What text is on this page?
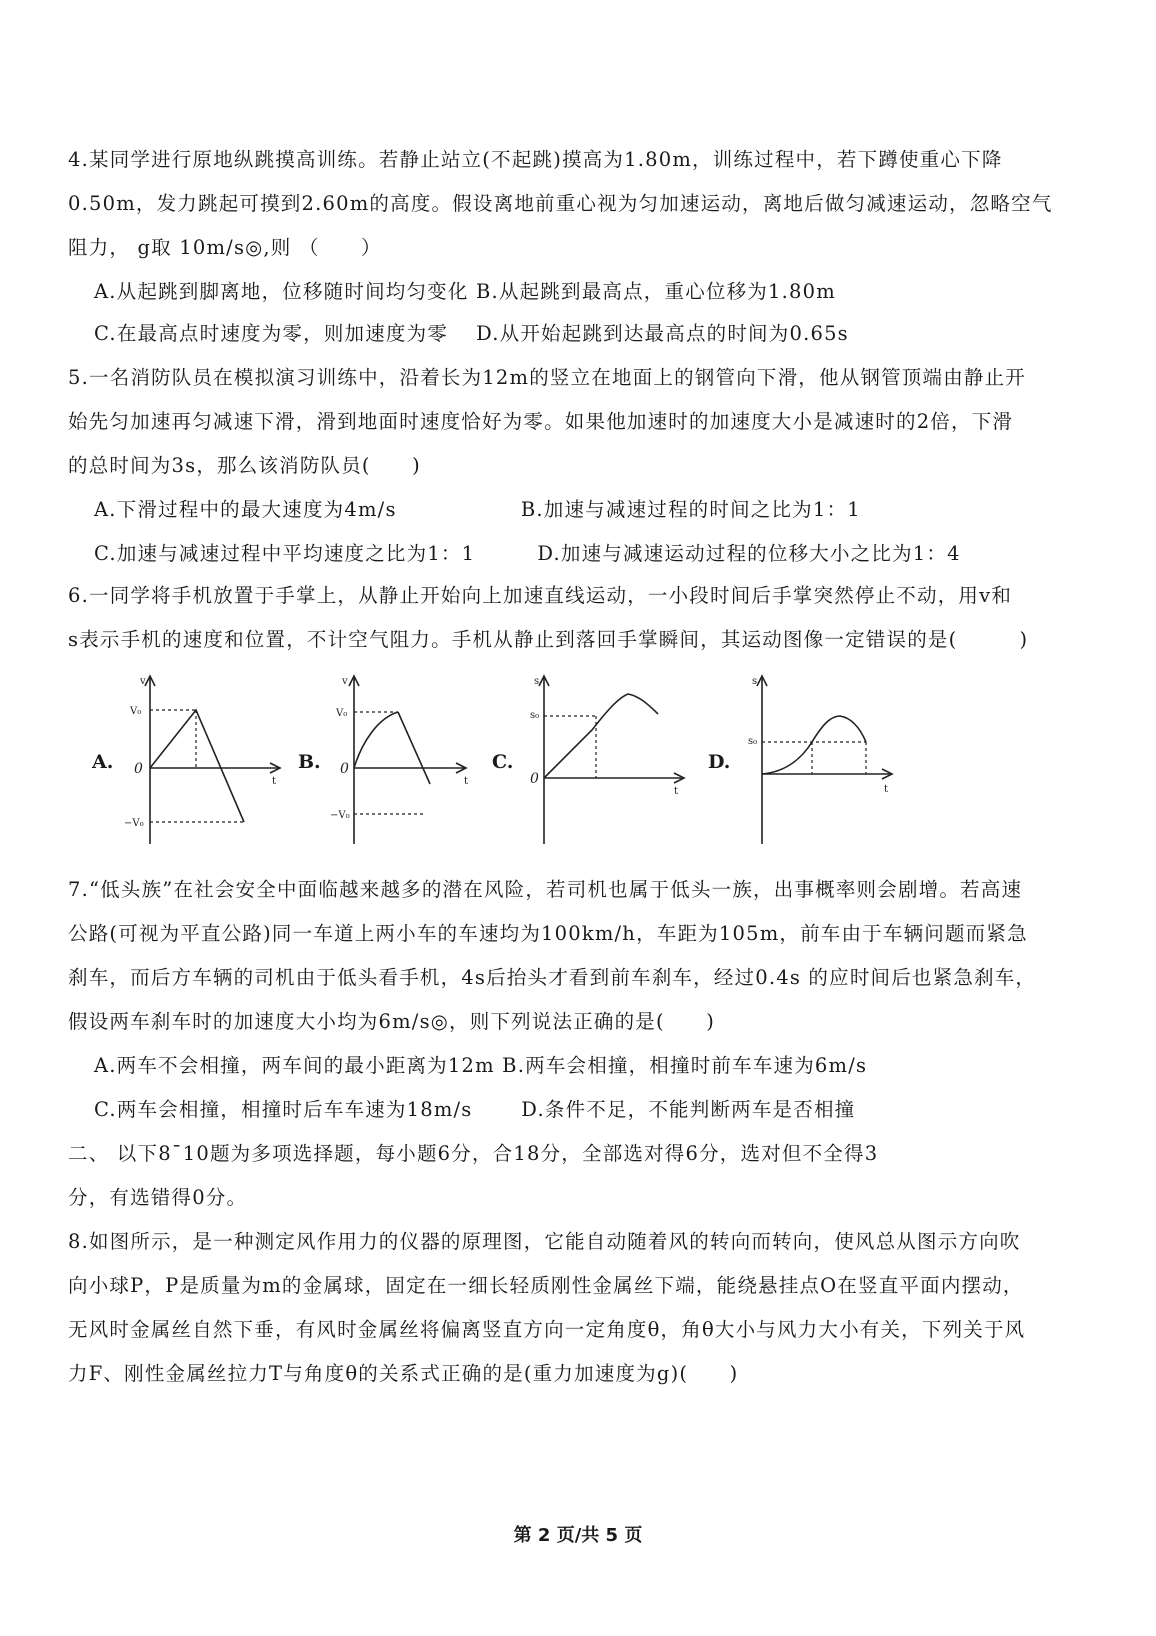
4.某同学进行原地纵跳摸高训练。若静止站立(不起跳)摸高为1.80m，训练过程中，若下蹲使重心下降
0.50m，发力跳起可摸到2.60m的高度。假设离地前重心视为匀加速运动，离地后做匀减速运动，忽略空气
阻力， g取 10m/s◎,则 （　　）
A.从起跳到脚离地，位移随时间均匀变化 B.从起跳到最高点，重心位移为1.80m
C.在最高点时速度为零，则加速度为零　 D.从开始起跳到达最高点的时间为0.65s
5.一名消防队员在模拟演习训练中，沿着长为12m的竖立在地面上的钢管向下滑，他从钢管顶端由静止开
始先匀加速再匀减速下滑，滑到地面时速度恰好为零。如果他加速时的加速度大小是减速时的2倍，下滑
的总时间为3s，那么该消防队员(　　)
A.下滑过程中的最大速度为4m/s　　　　　　B.加速与减速过程的时间之比为1：1
C.加速与减速过程中平均速度之比为1：1　　　D.加速与减速运动过程的位移大小之比为1：4
6.一同学将手机放置于手掌上，从静止开始向上加速直线运动，一小段时间后手掌突然停止不动，用v和
s表示手机的速度和位置，不计空气阻力。手机从静止到落回手掌瞬间，其运动图像一定错误的是(　　　)
A.
v
t
V₀
−V₀
0	B.
v
t
V₀
−V₀
0	C.
s
t
s₀
0
D.
s
t
s₀
7.“低头族”在社会安全中面临越来越多的潜在风险，若司机也属于低头一族，出事概率则会剧增。若高速
公路(可视为平直公路)同一车道上两小车的车速均为100km/h，车距为105m，前车由于车辆问题而紧急
刹车，而后方车辆的司机由于低头看手机，4s后抬头才看到前车刹车，经过0.4s 的应时间后也紧急刹车，
假设两车刹车时的加速度大小均为6m/s◎，则下列说法正确的是(　　)
A.两车不会相撞，两车间的最小距离为12m B.两车会相撞，相撞时前车车速为6m/s
C.两车会相撞，相撞时后车车速为18m/s　　 D.条件不足，不能判断两车是否相撞
二、 以下8¯10题为多项选择题，每小题6分，合18分，全部选对得6分，选对但不全得3
分，有选错得0分。
8.如图所示，是一种测定风作用力的仪器的原理图，它能自动随着风的转向而转向，使风总从图示方向吹
向小球P，P是质量为m的金属球，固定在一细长轻质刚性金属丝下端，能绕悬挂点O在竖直平面内摆动，
无风时金属丝自然下垂，有风时金属丝将偏离竖直方向一定角度θ，角θ大小与风力大小有关，下列关于风
力F、刚性金属丝拉力T与角度θ的关系式正确的是(重力加速度为g)(　　)
第 2 页/共 5 页
